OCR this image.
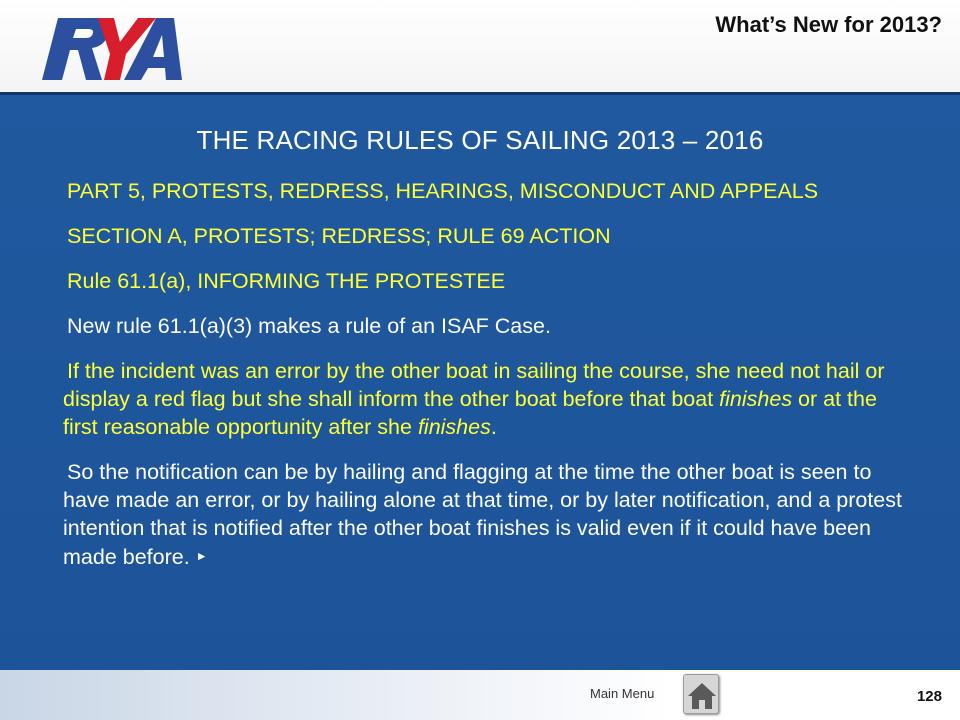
What’s New for 2013?
THE RACING RULES OF SAILING 2013 – 2016

PART 5, PROTESTS, REDRESS, HEARINGS, MISCONDUCT AND APPEALS

SECTION A, PROTESTS; REDRESS; RULE 69 ACTION

Rule 61.1(a), INFORMING THE PROTESTEE

New rule 61.1(a)(3) makes a rule of an ISAF Case.

If the incident was an error by the other boat in sailing the course, she need not hail or display a red flag but she shall inform the other boat before that boat finishes or at the first reasonable opportunity after she finishes.

So the notification can be by hailing and flagging at the time the other boat is seen to have made an error, or by hailing alone at that time, or by later notification, and a protest intention that is notified after the other boat finishes is valid even if it could have been made before. ►

Main Menu	128
